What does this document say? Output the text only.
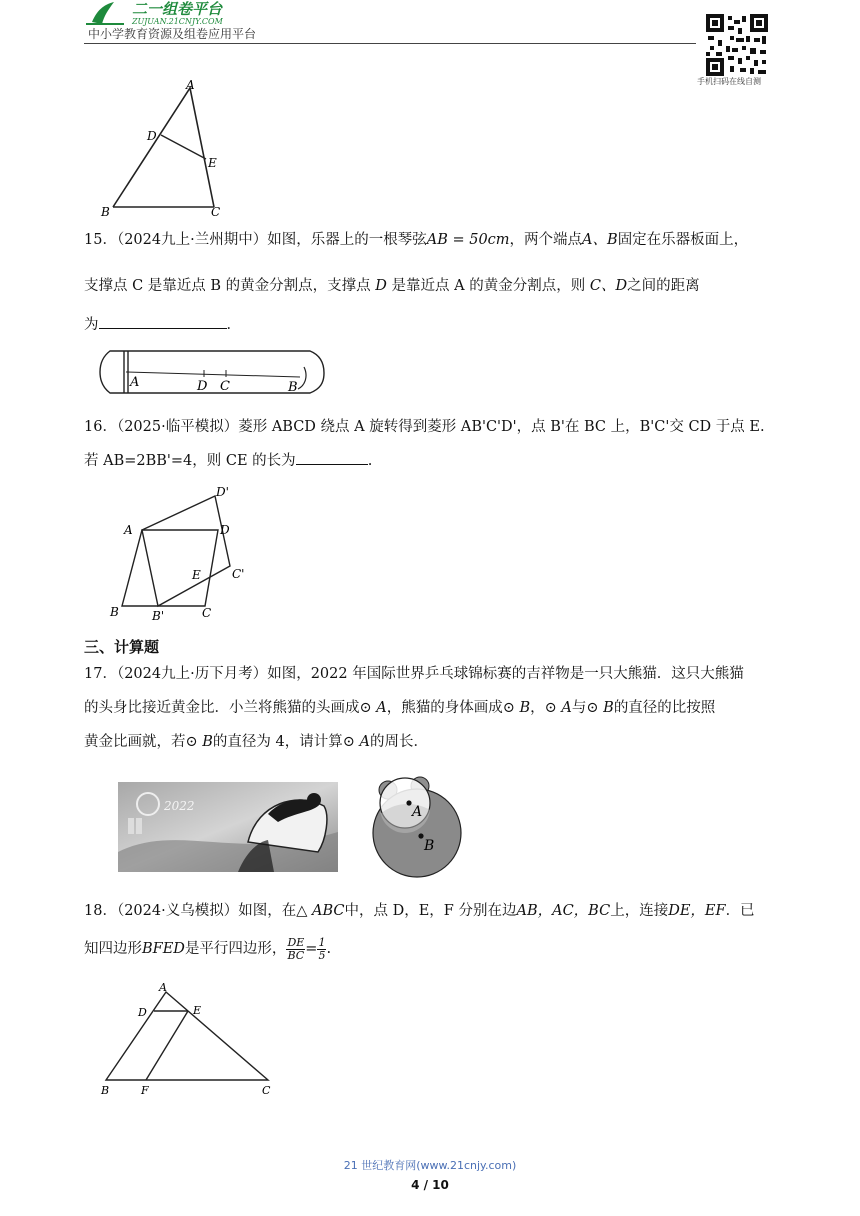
二一组卷平台
ZUJUAN.21CNJY.COM
中小学教育资源及组卷应用平台
手机扫码在线自测
A
D
E
B	C
15．（2024九上·兰州期中）如图，乐器上的一根琴弦AB = 50cm，两个端点A、B固定在乐器板面上，
支撑点 C 是靠近点 B 的黄金分割点，支撑点 D 是靠近点 A 的黄金分割点，则 C、D之间的距离
为	．
A	D C	B
16．（2025·临平模拟）菱形 ABCD 绕点 A 旋转得到菱形 AB'C'D'，点 B'在 BC 上，B'C'交 CD 于点 E.
若 AB=2BB'=4，则 CE 的长为	.
D'
A	D
E	C'
B	B'	C
三、计算题
17．（2024九上·历下月考）如图，2022 年国际世界乒乓球锦标赛的吉祥物是一只大熊猫．这只大熊猫
的头身比接近黄金比．小兰将熊猫的头画成⊙ A，熊猫的身体画成⊙ B，⊙ A与⊙ B的直径的比按照
黄金比画就，若⊙ B的直径为 4，请计算⊙ A的周长．
2022	A
B
18．（2024·义乌模拟）如图，在△ ABC中，点 D，E，F 分别在边AB，AC，BC上，连接DE，EF．已
知四边形BFED是平行四边形， $\frac{DE}{BC} = \frac{1}{5}$ .
A
D	E
B	F	C
21 世纪教育网(www.21cnjy.com)
4 / 10
